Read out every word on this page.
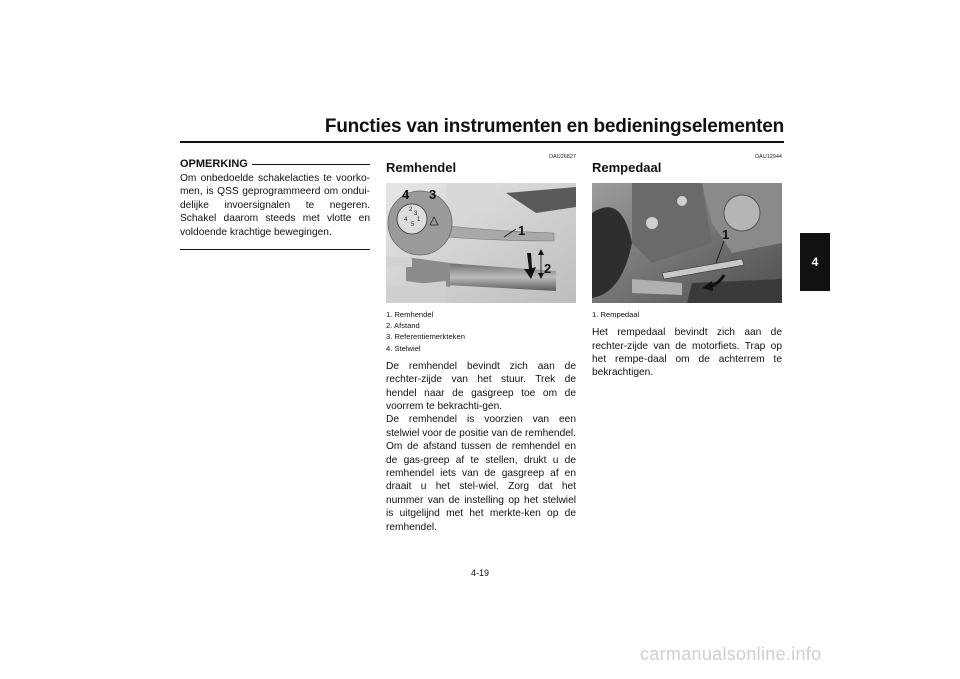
Functies van instrumenten en bedieningselementen
4
OPMERKING

Om onbedoelde schakelacties te voorko-men, is QSS geprogrammeerd om ondui-delijke invoersignalen te negeren. Schakel daarom steeds met vlotte en voldoende krachtige bewegingen.

DAU26827
Remhendel
2
3
1
5
4
4 3
1
2
1. Remhendel
2. Afstand
3. Referentiemerkteken
4. Stelwiel

De remhendel bevindt zich aan de rechter-zijde van het stuur. Trek de hendel naar de gasgreep toe om de voorrem te bekrachti-gen.

De remhendel is voorzien van een stelwiel voor de positie van de remhendel. Om de afstand tussen de remhendel en de gas-greep af te stellen, drukt u de remhendel iets van de gasgreep af en draait u het stel-wiel. Zorg dat het nummer van de instelling op het stelwiel is uitgelijnd met het merkte-ken op de remhendel.

DAU12944
Rempedaal
1
1. Rempedaal

Het rempedaal bevindt zich aan de rechter-zijde van de motorfiets. Trap op het rempe-daal om de achterrem te bekrachtigen.

4-19
carmanualsonline.info
